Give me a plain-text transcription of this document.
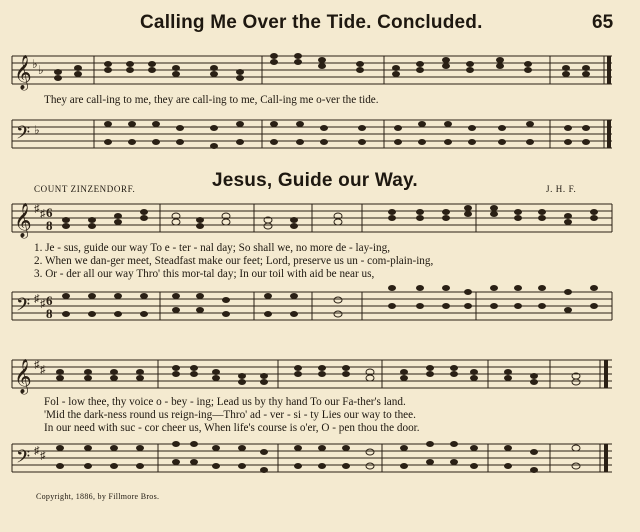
Calling Me Over the Tide. Concluded.	65
𝄞 ♭ ♭
They are call-ing to me, they are call-ing to me, Call-ing me o-ver the tide.
𝄢 ♭
Jesus, Guide our Way.
COUNT ZINZENDORF.	J. H. F.
𝄞 ♯ ♯ 6
8
1. Je - sus, guide our way To e - ter - nal day; So shall we, no more de - lay-ing,
2. When we dan-ger meet, Steadfast make our feet; Lord, preserve us un - com-plain-ing,
3. Or - der all our way Thro' this mor-tal day; In our toil with aid be near us,
𝄢 ♯ ♯ 6
8
𝄞 ♯ ♯
Fol - low thee, thy voice o - bey - ing; Lead us by thy hand To our Fa-ther's land.
'Mid the dark-ness round us reign-ing—Thro' ad - ver - si - ty Lies our way to thee.
In our need with suc - cor cheer us, When life's course is o'er, O - pen thou the door.
𝄢 ♯ ♯
Copyright, 1886, by Fillmore Bros.
